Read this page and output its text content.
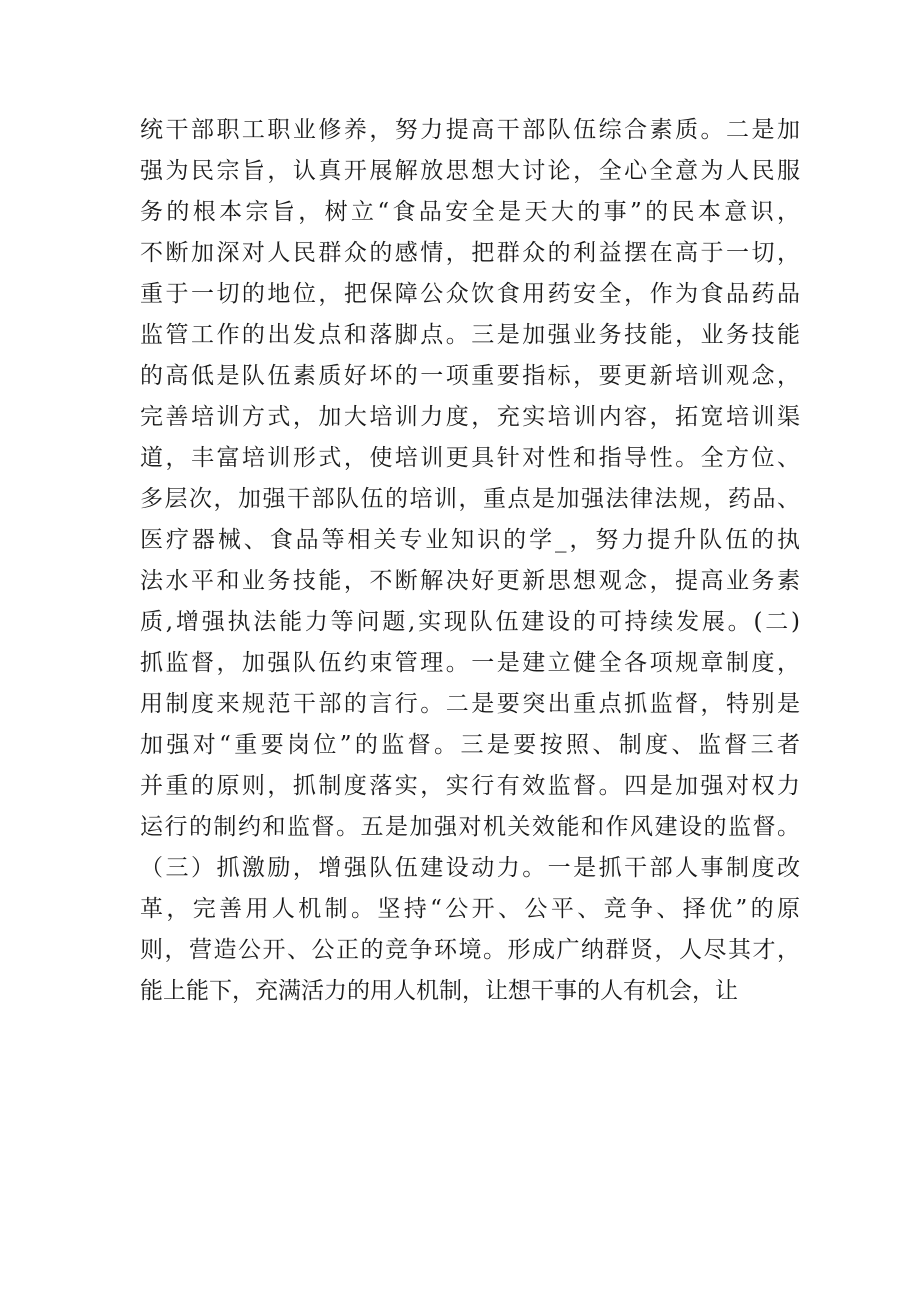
统干部职工职业修养，努力提高干部队伍综合素质。二是加
强为民宗旨，认真开展解放思想大讨论，全心全意为人民服
务的根本宗旨，树立“食品安全是天大的事”的民本意识，
不断加深对人民群众的感情，把群众的利益摆在高于一切，
重于一切的地位，把保障公众饮食用药安全，作为食品药品
监管工作的出发点和落脚点。三是加强业务技能，业务技能
的高低是队伍素质好坏的一项重要指标，要更新培训观念，
完善培训方式，加大培训力度，充实培训内容，拓宽培训渠
道，丰富培训形式，使培训更具针对性和指导性。全方位、
多层次，加强干部队伍的培训，重点是加强法律法规，药品、
医疗器械、食品等相关专业知识的学_，努力提升队伍的执
法水平和业务技能，不断解决好更新思想观念，提高业务素
质,增强执法能力等问题,实现队伍建设的可持续发展。(二)
抓监督，加强队伍约束管理。一是建立健全各项规章制度，
用制度来规范干部的言行。二是要突出重点抓监督，特别是
加强对“重要岗位”的监督。三是要按照、制度、监督三者
并重的原则，抓制度落实，实行有效监督。四是加强对权力
运行的制约和监督。五是加强对机关效能和作风建设的监督。
（三）抓激励，增强队伍建设动力。一是抓干部人事制度改
革，完善用人机制。坚持“公开、公平、竞争、择优”的原
则，营造公开、公正的竞争环境。形成广纳群贤，人尽其才，
能上能下，充满活力的用人机制，让想干事的人有机会，让
